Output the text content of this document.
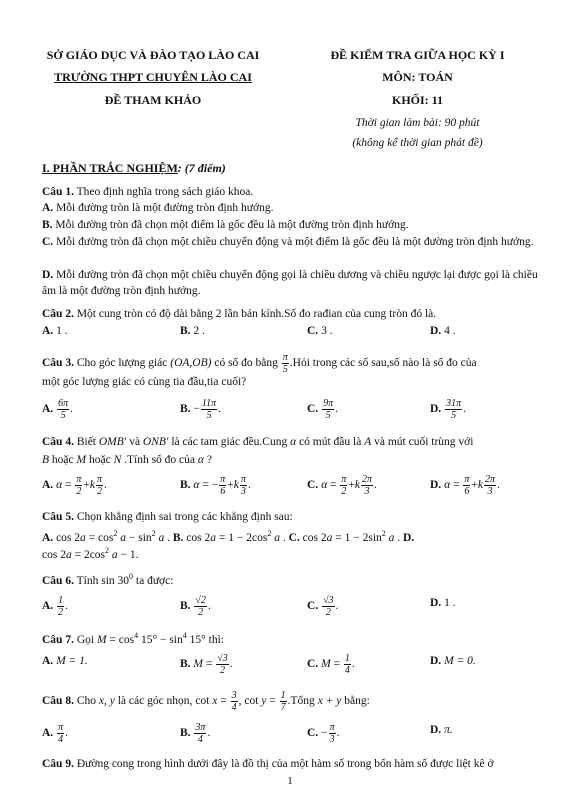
SỞ GIÁO DỤC VÀ ĐÀO TẠO LÀO CAI
TRƯỜNG THPT CHUYÊN LÀO CAI
ĐỀ THAM KHẢO
ĐỀ KIỂM TRA GIỮA HỌC KỲ I
MÔN: TOÁN
KHỐI: 11
Thời gian làm bài: 90 phút
(không kể thời gian phát đề)
I. PHẦN TRẮC NGHIỆM: (7 điểm)
Câu 1. Theo định nghĩa trong sách giáo khoa.
A. Mỗi đường tròn là một đường tròn định hướng.
B. Mỗi đường tròn đã chọn một điểm là gốc đều là một đường tròn định hướng.
C. Mỗi đường tròn đã chọn một chiều chuyển động và một điểm là gốc đều là một đường tròn định hướng.
D. Mỗi đường tròn đã chọn một chiều chuyển động gọi là chiều dương và chiều ngược lại được gọi là chiều âm là một đường tròn định hướng.
Câu 2. Một cung tròn có độ dài bằng 2 lần bán kính.Số đo rađian của cung tròn đó là.
A. 1 .	B. 2 .	C. 3 .	D. 4 .
Câu 3. Cho góc lượng giác (OA,OB) có số đo bằng $\frac{\pi}{5}$ .Hỏi trong các số sau,số nào là số đo của
một góc lượng giác có cùng tia đầu,tia cuối?
A. $\frac{6\pi}{5}$ .	B. − $\frac{11\pi}{5}$ .	C. $\frac{9\pi}{5}$ .	D. $\frac{31\pi}{5}$ .
Câu 4. Biết OMB′ và ONB′ là các tam giác đều.Cung α có mút đầu là A và mút cuối trùng với
B hoặc M hoặc N .Tính số đo của α ?
A. $\alpha = \frac{\pi}{2} +k \frac{\pi}{2}$ .	B. α = − $\frac{\pi}{6} +k \frac{\pi}{3}$ .	C. $\alpha = \frac{\pi}{2} +k \frac{2\pi}{3}$ .	D. $\alpha = \frac{\pi}{6} +k \frac{2\pi}{3}$ .
Câu 5. Chọn khẳng định sai trong các khẳng định sau:
A. $\cos 2a = \cos^2 a - \sin^2 a$ . B. $\cos 2a = 1 - 2\cos^2$ a . C. $\cos 2a = 1 - 2\sin^2$ a . D.
$\cos 2a = 2\cos^2$ a − 1.
Câu 6. Tính $\sin 30^0$ ta được:
A. $\frac{1}{2}$ .	B. $\frac{√2}{2}$ .	C. $\frac{√3}{2}$ .	D. 1 .
Câu 7. Gọi $M = \cos^4 15^\circ - \sin^4 15^\circ$ thì:
A. M = 1.	B. $M = \frac{√3}{2}$ .	C. $M = \frac{1}{4}$ .	D. M = 0.
Câu 8. Cho x, y là các góc nhọn, $\cot x = \frac{3}{4}$ , $\cot y = \frac{1}{7}$ .Tổng x + y bằng:
A. $\frac{\pi}{4}$ .	B. $\frac{3\pi}{4}$ .	C. − $\frac{\pi}{3}$ .	D. π.
Câu 9. Đường cong trong hình dưới đây là đồ thị của một hàm số trong bốn hàm số được liệt kê ở
1
